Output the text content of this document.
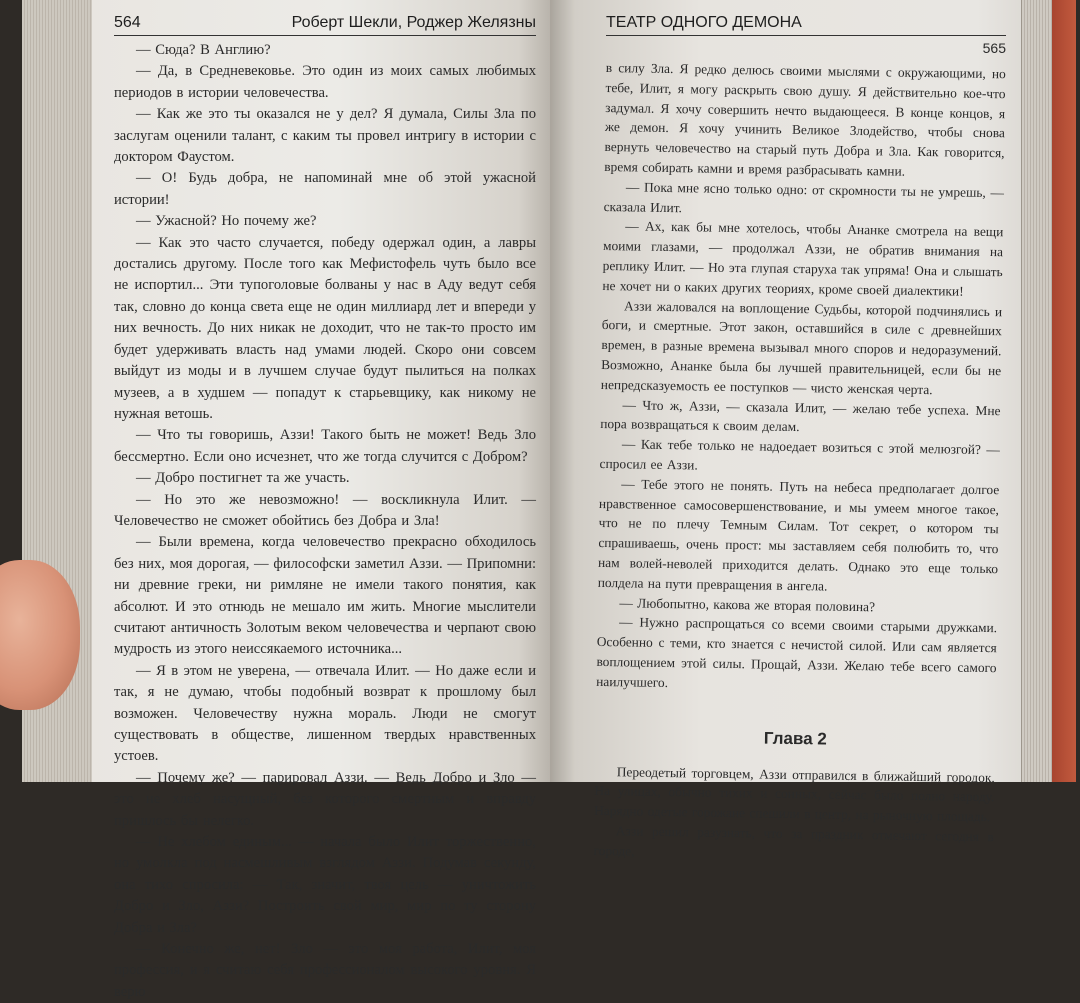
564	Роберт Шекли, Роджер Желязны

— Сюда? В Англию?

— Да, в Средневековье. Это один из моих самых любимых периодов в истории человечества.

— Как же это ты оказался не у дел? Я думала, Силы Зла по заслугам оценили талант, с каким ты провел интригу в истории с доктором Фаустом.

— О! Будь добра, не напоминай мне об этой ужасной истории!

— Ужасной? Но почему же?

— Как это часто случается, победу одержал один, а лавры достались другому. После того как Мефистофель чуть было все не испортил... Эти тупоголовые болваны у нас в Аду ведут себя так, словно до конца света еще не один миллиард лет и впереди у них вечность. До них никак не доходит, что не так-то просто им будет удерживать власть над умами людей. Скоро они совсем выйдут из моды и в лучшем случае будут пылиться на полках музеев, а в худшем — попадут к старьевщику, как никому не нужная ветошь.

— Что ты говоришь, Аззи! Такого быть не может! Ведь Зло бессмертно. Если оно исчезнет, что же тогда случится с Добром?

— Добро постигнет та же участь.

— Но это же невозможно! — воскликнула Илит. — Человечество не сможет обойтись без Добра и Зла!

— Были времена, когда человечество прекрасно обходилось без них, моя дорогая, — философски заметил Аззи. — Припомни: ни древние греки, ни римляне не имели такого понятия, как абсолют. И это отнюдь не мешало им жить. Многие мыслители считают античность Золотым веком человечества и черпают свою мудрость из этого неиссякаемого источника...

— Я в этом не уверена, — отвечала Илит. — Но даже если и так, я не думаю, чтобы подобный возврат к прошлому был возможен. Человечеству нужна мораль. Люди не смогут существовать в обществе, лишенном твердых нравственных устоев.

— Почему же? — парировал Аззи. — Ведь Добро и Зло — это не хлеб насущный, без которого смертным и вправду пришлось бы нелегко.

— Не хлебом единым... — начала было Илит торжественно, но умолкла под насмешливым взглядом Аззи. Подумав секунду, она тихо спросила: — Так, значит, твоя цель — уничтожить Добро и Зло, Аззи? Построить свой мир, мир по ту сторону Добра и Зла?

— Конечно же, нет! Зло — это моя работа, Илит, моя профессия, и я считаю себя профессионалом высокого уровня. Я верю

ТЕАТР ОДНОГО ДЕМОНА
565

в силу Зла. Я редко делюсь своими мыслями с окружающими, но тебе, Илит, я могу раскрыть свою душу. Я действительно кое-что задумал. Я хочу совершить нечто выдающееся. В конце концов, я же демон. Я хочу учинить Великое Злодейство, чтобы снова вернуть человечество на старый путь Добра и Зла. Как говорится, время собирать камни и время разбрасывать камни.

— Пока мне ясно только одно: от скромности ты не умрешь, — сказала Илит.

— Ах, как бы мне хотелось, чтобы Ананке смотрела на вещи моими глазами, — продолжал Аззи, не обратив внимания на реплику Илит. — Но эта глупая старуха так упряма! Она и слышать не хочет ни о каких других теориях, кроме своей диалектики!

Аззи жаловался на воплощение Судьбы, которой подчинялись и боги, и смертные. Этот закон, оставшийся в силе с древнейших времен, в разные времена вызывал много споров и недоразумений. Возможно, Ананке была бы лучшей правительницей, если бы не непредсказуемость ее поступков — чисто женская черта.

— Что ж, Аззи, — сказала Илит, — желаю тебе успеха. Мне пора возвращаться к своим делам.

— Как тебе только не надоедает возиться с этой мелюзгой? — спросил ее Аззи.

— Тебе этого не понять. Путь на небеса предполагает долгое нравственное самосовершенствование, и мы умеем многое такое, что не по плечу Темным Силам. Тот секрет, о котором ты спрашиваешь, очень прост: мы заставляем себя полюбить то, что нам волей-неволей приходится делать. Однако это еще только полдела на пути превращения в ангела.

— Любопытно, какова же вторая половина?

— Нужно распрощаться со всеми своими старыми дружками. Особенно с теми, кто знается с нечистой силой. Или сам является воплощением этой силы. Прощай, Аззи. Желаю тебе всего самого наилучшего.

Глава 2

Переодетый торговцем, Аззи отправился в ближайший городок. На улицах, обычно тихих и сонных, сейчас было полно народу. Нарядно одетые горожане спешили в центр, на рыночную площадь.

Аззи решил разузнать, что за праздник отмечают сегодня в городе,
